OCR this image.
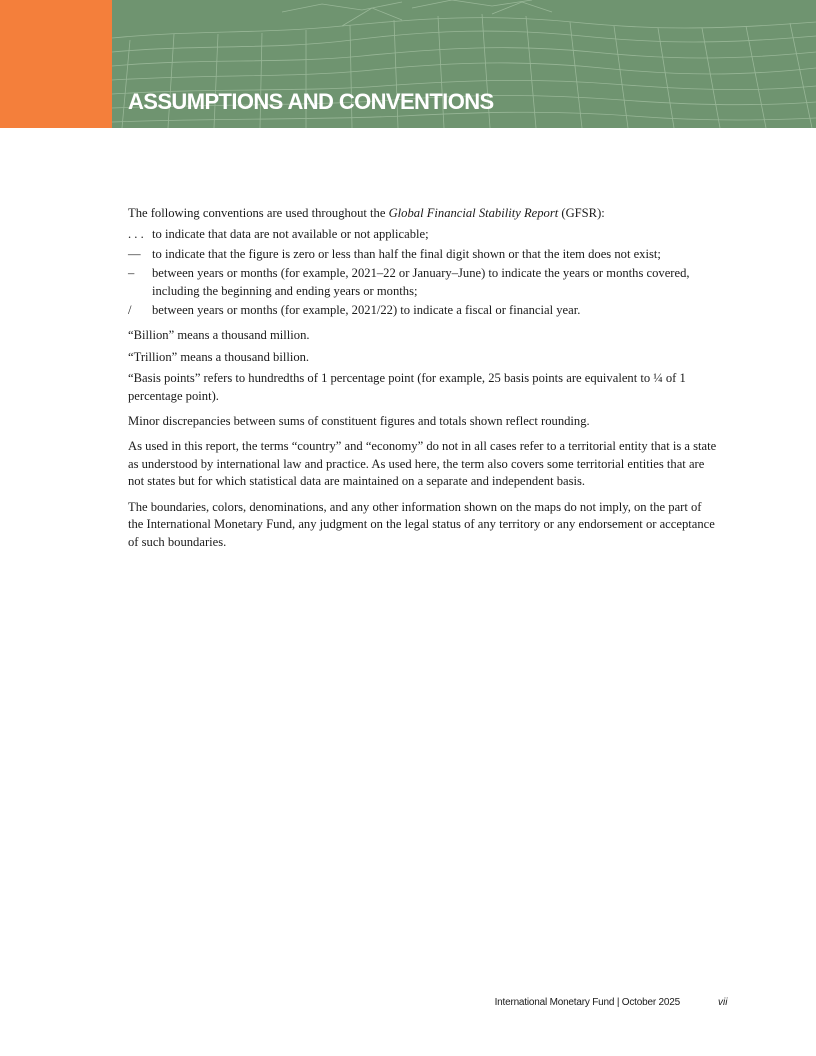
ASSUMPTIONS AND CONVENTIONS

The following conventions are used throughout the Global Financial Stability Report (GFSR):

. . . to indicate that data are not available or not applicable;
— to indicate that the figure is zero or less than half the final digit shown or that the item does not exist;
–	between years or months (for example, 2021–22 or January–June) to indicate the years or months covered, including the beginning and ending years or months;
/	between years or months (for example, 2021/22) to indicate a fiscal or financial year.

“Billion” means a thousand million.

“Trillion” means a thousand billion.

“Basis points” refers to hundredths of 1 percentage point (for example, 25 basis points are equivalent to ¼ of 1 percentage point).

Minor discrepancies between sums of constituent figures and totals shown reflect rounding.

As used in this report, the terms “country” and “economy” do not in all cases refer to a territorial entity that is a state as understood by international law and practice. As used here, the term also covers some territorial entities that are not states but for which statistical data are maintained on a separate and independent basis.

The boundaries, colors, denominations, and any other information shown on the maps do not imply, on the part of the International Monetary Fund, any judgment on the legal status of any territory or any endorsement or acceptance of such boundaries.

International Monetary Fund | October 2025	vii
